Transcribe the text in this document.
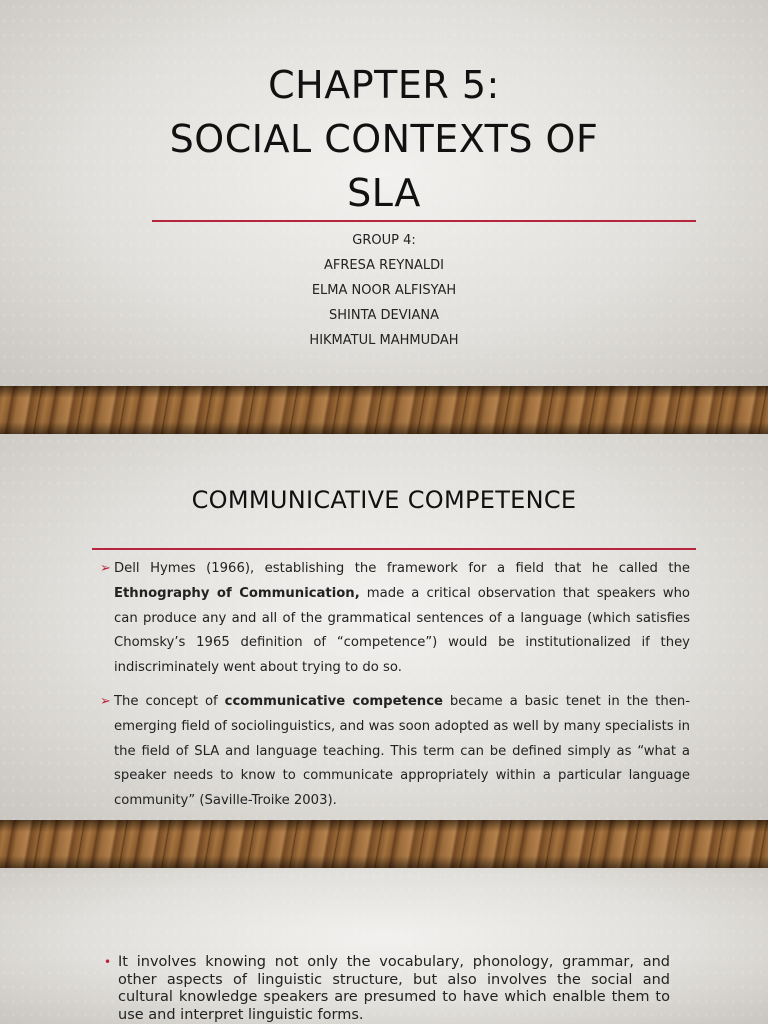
CHAPTER 5:
SOCIAL CONTEXTS OF
SLA
GROUP 4:
AFRESA REYNALDI
ELMA NOOR ALFISYAH
SHINTA DEVIANA
HIKMATUL MAHMUDAH
COMMUNICATIVE COMPETENCE
➢ Dell Hymes (1966), establishing the framework for a field that he called the Ethnography of Communication, made a critical observation that speakers who can produce any and all of the grammatical sentences of a language (which satisfies Chomsky’s 1965 definition of “competence”) would be institutionalized if they indiscriminately went about trying to do so.
➢ The concept of ccommunicative competence became a basic tenet in the then-emerging field of sociolinguistics, and was soon adopted as well by many specialists in the field of SLA and language teaching. This term can be defined simply as “what a speaker needs to know to communicate appropriately within a particular language community” (Saville-Troike 2003).
• It involves knowing not only the vocabulary, phonology, grammar, and other aspects of linguistic structure, but also involves the social and cultural knowledge speakers are presumed to have which enalble them to use and interpret linguistic forms.
